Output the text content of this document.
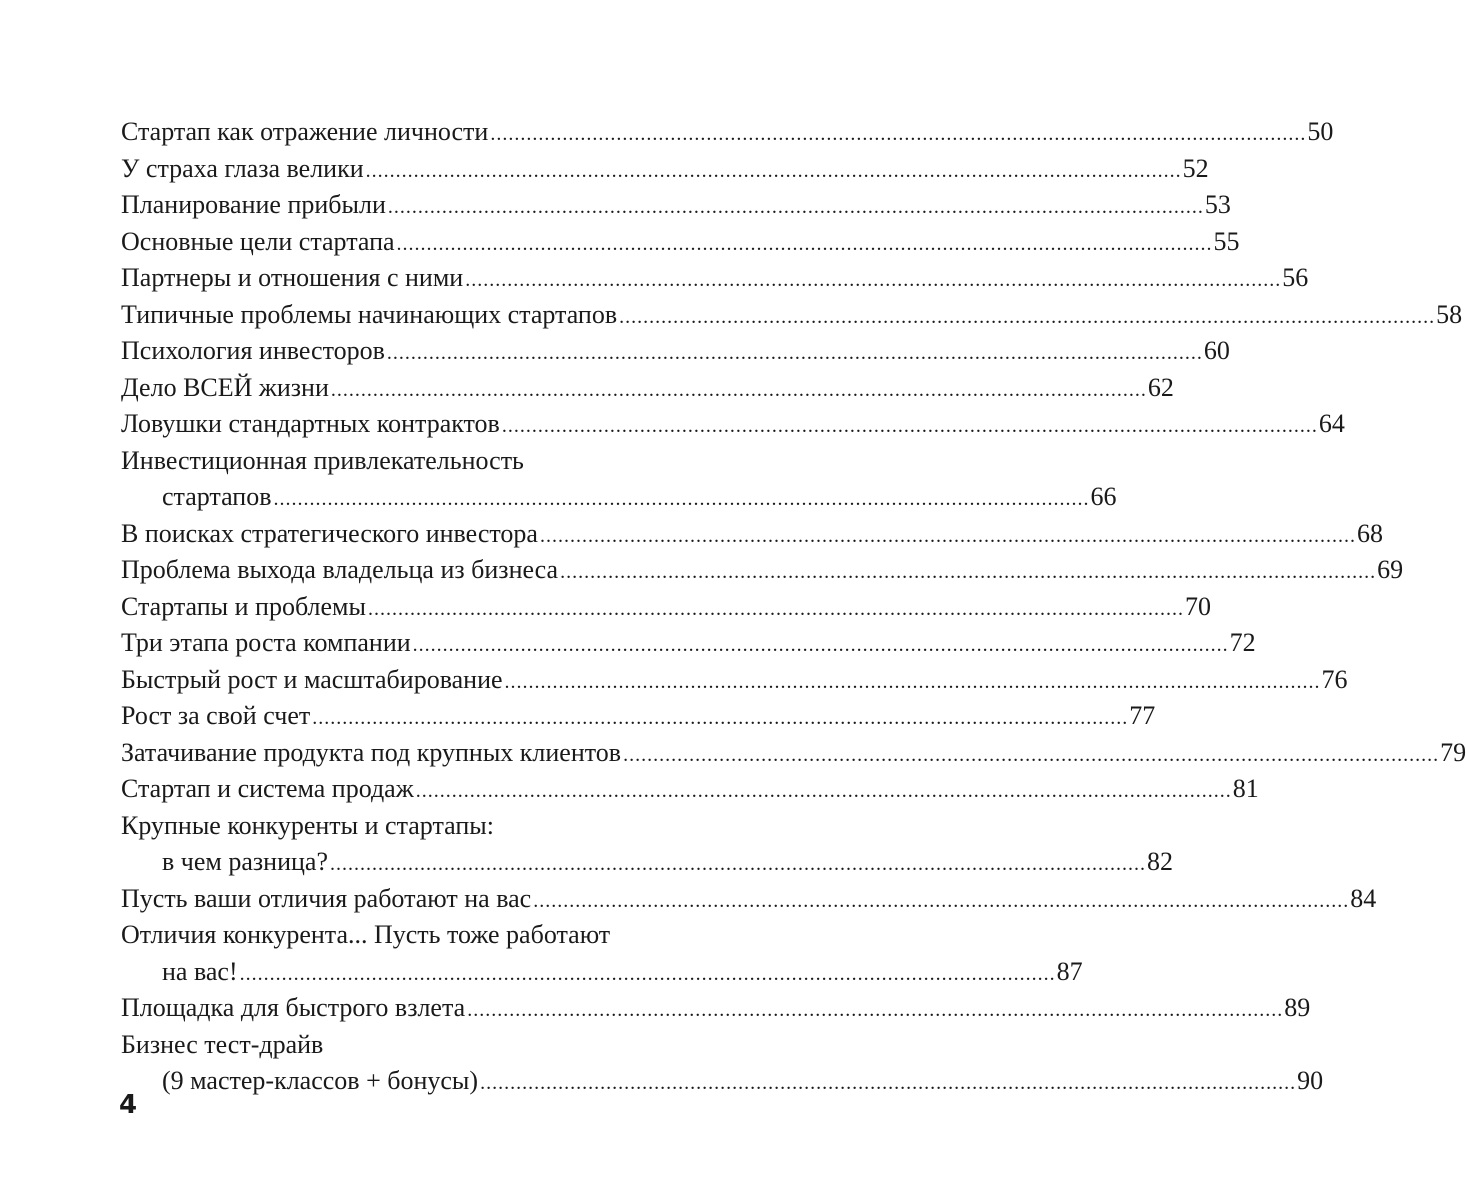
Стартап как отражение личности ........................................................................................................................................ 50
У страха глаза велики ........................................................................................................................................ 52
Планирование прибыли ........................................................................................................................................ 53
Основные цели стартапа ........................................................................................................................................ 55
Партнеры и отношения с ними ........................................................................................................................................ 56
Типичные проблемы начинающих стартапов ........................................................................................................................................ 58
Психология инвесторов ........................................................................................................................................ 60
Дело ВСЕЙ жизни ........................................................................................................................................ 62
Ловушки стандартных контрактов ........................................................................................................................................ 64
Инвестиционная привлекательность
стартапов ........................................................................................................................................ 66
В поисках стратегического инвестора ........................................................................................................................................ 68
Проблема выхода владельца из бизнеса ........................................................................................................................................ 69
Стартапы и проблемы ........................................................................................................................................ 70
Три этапа роста компании ........................................................................................................................................ 72
Быстрый рост и масштабирование ........................................................................................................................................ 76
Рост за свой счет ........................................................................................................................................ 77
Затачивание продукта под крупных клиентов ........................................................................................................................................ 79
Стартап и система продаж ........................................................................................................................................ 81
Крупные конкуренты и стартапы:
в чем разница? ........................................................................................................................................ 82
Пусть ваши отличия работают на вас ........................................................................................................................................ 84
Отличия конкурента... Пусть тоже работают
на вас! ........................................................................................................................................ 87
Площадка для быстрого взлета ........................................................................................................................................ 89
Бизнес тест-драйв
(9 мастер-классов + бонусы) ........................................................................................................................................ 90
4
